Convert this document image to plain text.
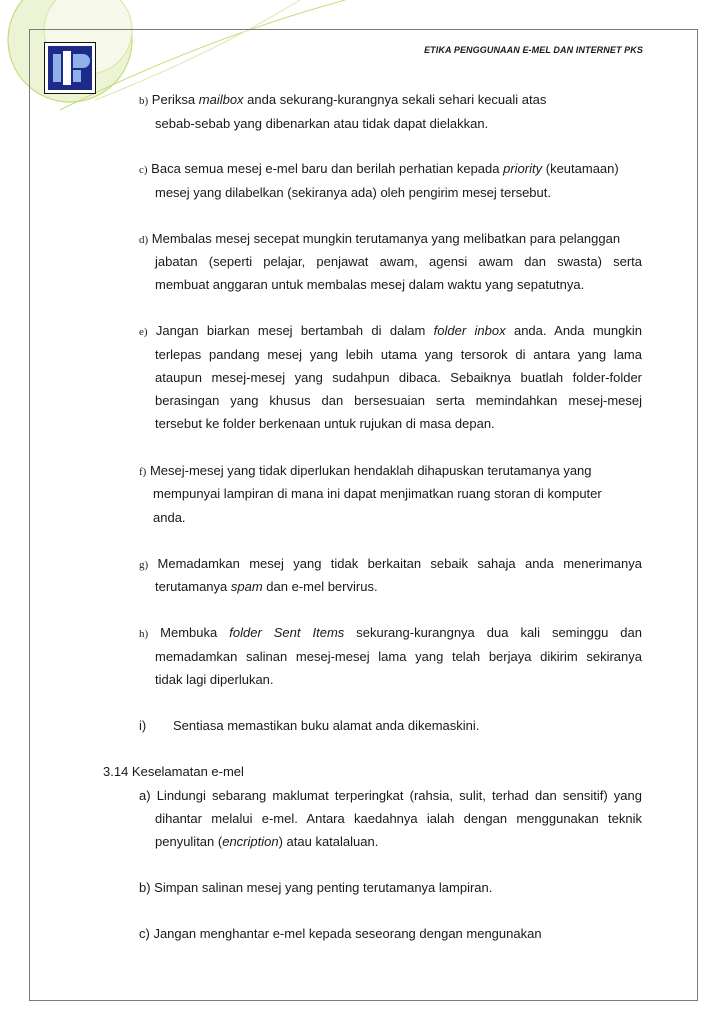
ETIKA PENGGUNAAN E-MEL DAN INTERNET PKS
b) Periksa mailbox anda sekurang-kurangnya sekali sehari kecuali atas
sebab-sebab yang dibenarkan atau tidak dapat dielakkan.
c) Baca semua mesej e-mel baru dan berilah perhatian kepada priority (keutamaan)
mesej yang dilabelkan (sekiranya ada) oleh pengirim mesej tersebut.
d) Membalas mesej secepat mungkin terutamanya yang melibatkan para pelanggan
jabatan (seperti pelajar, penjawat awam, agensi awam dan swasta) serta
membuat anggaran untuk membalas mesej dalam waktu yang sepatutnya.
e) Jangan biarkan mesej bertambah di dalam folder inbox anda. Anda mungkin
terlepas pandang mesej yang lebih utama yang tersorok di antara yang lama
ataupun mesej-mesej yang sudahpun dibaca. Sebaiknya buatlah folder-folder
berasingan yang khusus dan bersesuaian serta memindahkan mesej-mesej
tersebut ke folder berkenaan untuk rujukan di masa depan.
f) Mesej-mesej yang tidak diperlukan hendaklah dihapuskan terutamanya yang
mempunyai lampiran di mana ini dapat menjimatkan ruang storan di komputer
anda.
g) Memadamkan mesej yang tidak berkaitan sebaik sahaja anda menerimanya
terutamanya spam dan e-mel bervirus.
h) Membuka folder Sent Items sekurang-kurangnya dua kali seminggu dan
memadamkan salinan mesej-mesej lama yang telah berjaya dikirim sekiranya
tidak lagi diperlukan.
i) Sentiasa memastikan buku alamat anda dikemaskini.
3.14 Keselamatan e-mel
a) Lindungi sebarang maklumat terperingkat (rahsia, sulit, terhad dan sensitif) yang
dihantar melalui e-mel. Antara kaedahnya ialah dengan menggunakan teknik
penyulitan (encription) atau katalaluan.
b) Simpan salinan mesej yang penting terutamanya lampiran.
c) Jangan menghantar e-mel kepada seseorang dengan mengunakan
